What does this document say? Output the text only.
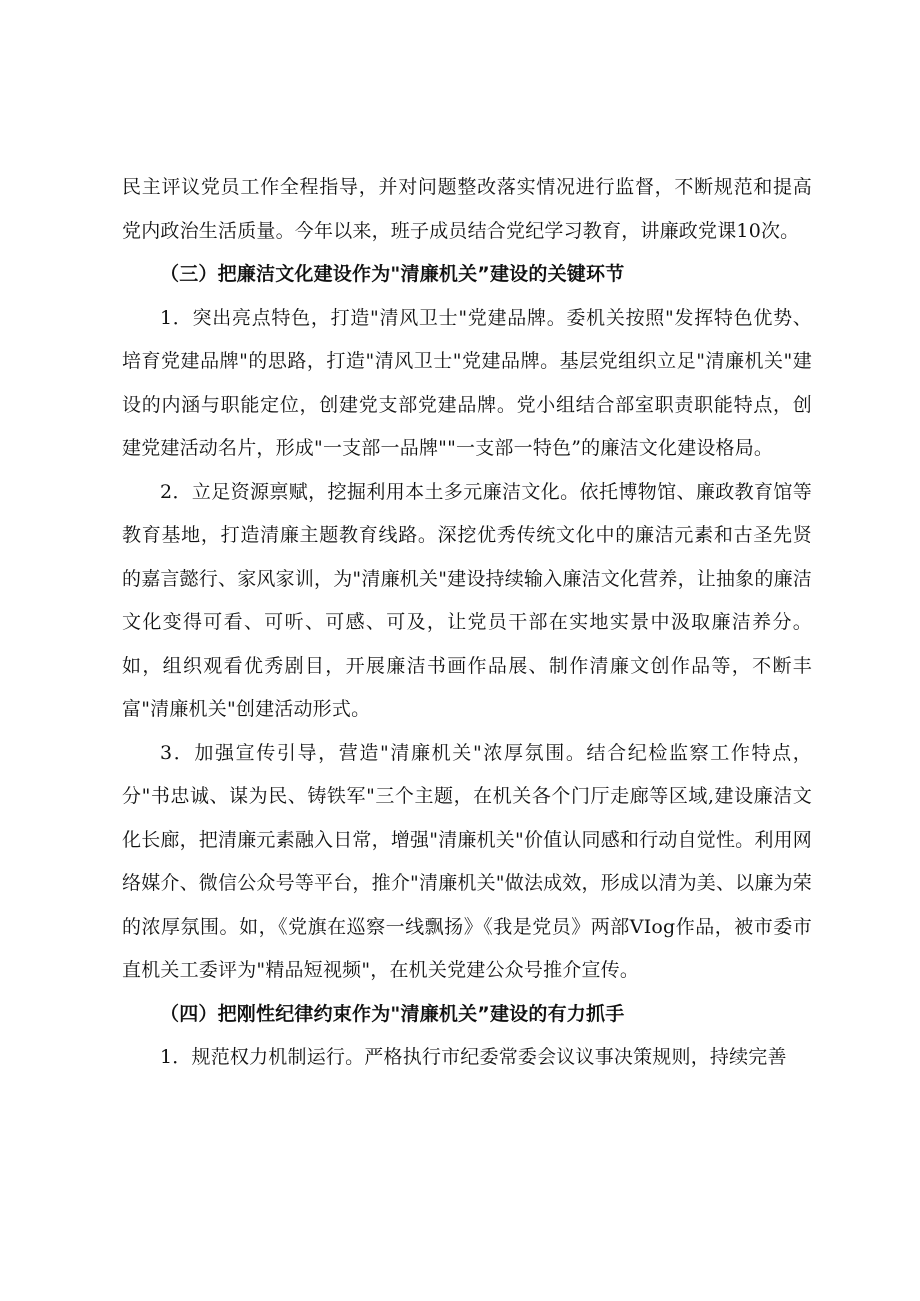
民主评议党员工作全程指导，并对问题整改落实情况进行监督，不断规范和提高党内政治生活质量。今年以来，班子成员结合党纪学习教育，讲廉政党课10次。

（三）把廉洁文化建设作为"清廉机关”建设的关键环节

1．突出亮点特色，打造"清风卫士"党建品牌。委机关按照"发挥特色优势、培育党建品牌"的思路，打造"清风卫士"党建品牌。基层党组织立足"清廉机关"建设的内涵与职能定位，创建党支部党建品牌。党小组结合部室职责职能特点，创建党建活动名片，形成"一支部一品牌""一支部一特色”的廉洁文化建设格局。

2．立足资源禀赋，挖掘利用本土多元廉洁文化。依托博物馆、廉政教育馆等教育基地，打造清廉主题教育线路。深挖优秀传统文化中的廉洁元素和古圣先贤的嘉言懿行、家风家训，为"清廉机关"建设持续输入廉洁文化营养，让抽象的廉洁文化变得可看、可听、可感、可及，让党员干部在实地实景中汲取廉洁养分。如，组织观看优秀剧目，开展廉洁书画作品展、制作清廉文创作品等，不断丰富"清廉机关"创建活动形式。

3．加强宣传引导，营造"清廉机关"浓厚氛围。结合纪检监察工作特点，分"书忠诚、谋为民、铸铁军"三个主题，在机关各个门厅走廊等区域,建设廉洁文化长廊，把清廉元素融入日常，增强"清廉机关"价值认同感和行动自觉性。利用网络媒介、微信公众号等平台，推介"清廉机关"做法成效，形成以清为美、以廉为荣的浓厚氛围。如，《党旗在巡察一线飘扬》《我是党员》两部VIog作品，被市委市直机关工委评为"精品短视频"，在机关党建公众号推介宣传。

（四）把刚性纪律约束作为"清廉机关”建设的有力抓手

1．规范权力机制运行。严格执行市纪委常委会议议事决策规则，持续完善
